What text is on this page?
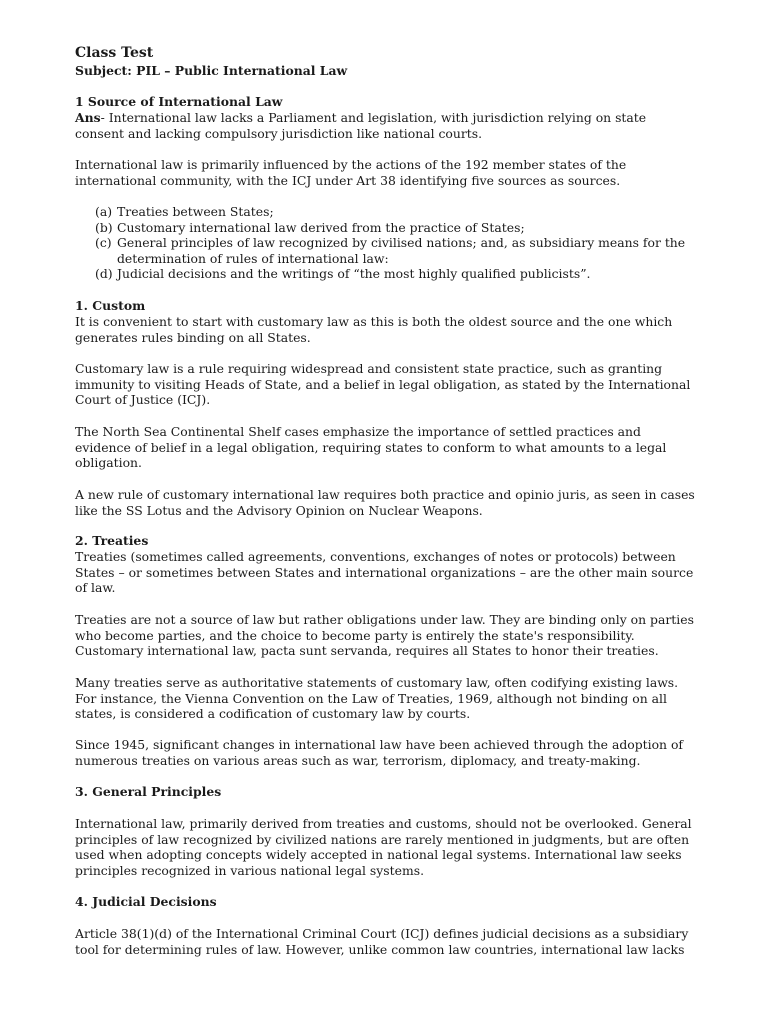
Class Test
Subject: PIL – Public International Law
1 Source of International Law

Ans- International law lacks a Parliament and legislation, with jurisdiction relying on state consent and lacking compulsory jurisdiction like national courts.

International law is primarily influenced by the actions of the 192 member states of the international community, with the ICJ under Art 38 identifying five sources as sources.

(a) Treaties between States;
(b) Customary international law derived from the practice of States;
(c) General principles of law recognized by civilised nations; and, as subsidiary means for the determination of rules of international law:
(d) Judicial decisions and the writings of “the most highly qualified publicists”.
1. Custom

It is convenient to start with customary law as this is both the oldest source and the one which generates rules binding on all States.

Customary law is a rule requiring widespread and consistent state practice, such as granting immunity to visiting Heads of State, and a belief in legal obligation, as stated by the International Court of Justice (ICJ).

The North Sea Continental Shelf cases emphasize the importance of settled practices and evidence of belief in a legal obligation, requiring states to conform to what amounts to a legal obligation.

A new rule of customary international law requires both practice and opinio juris, as seen in cases like the SS Lotus and the Advisory Opinion on Nuclear Weapons.

2. Treaties

Treaties (sometimes called agreements, conventions, exchanges of notes or protocols) between States – or sometimes between States and international organizations – are the other main source of law.

Treaties are not a source of law but rather obligations under law. They are binding only on parties who become parties, and the choice to become party is entirely the state's responsibility. Customary international law, pacta sunt servanda, requires all States to honor their treaties.

Many treaties serve as authoritative statements of customary law, often codifying existing laws. For instance, the Vienna Convention on the Law of Treaties, 1969, although not binding on all states, is considered a codification of customary law by courts.

Since 1945, significant changes in international law have been achieved through the adoption of numerous treaties on various areas such as war, terrorism, diplomacy, and treaty-making.

3. General Principles

International law, primarily derived from treaties and customs, should not be overlooked. General principles of law recognized by civilized nations are rarely mentioned in judgments, but are often used when adopting concepts widely accepted in national legal systems. International law seeks principles recognized in various national legal systems.

4. Judicial Decisions

Article 38(1)(d) of the International Criminal Court (ICJ) defines judicial decisions as a subsidiary tool for determining rules of law. However, unlike common law countries, international law lacks
